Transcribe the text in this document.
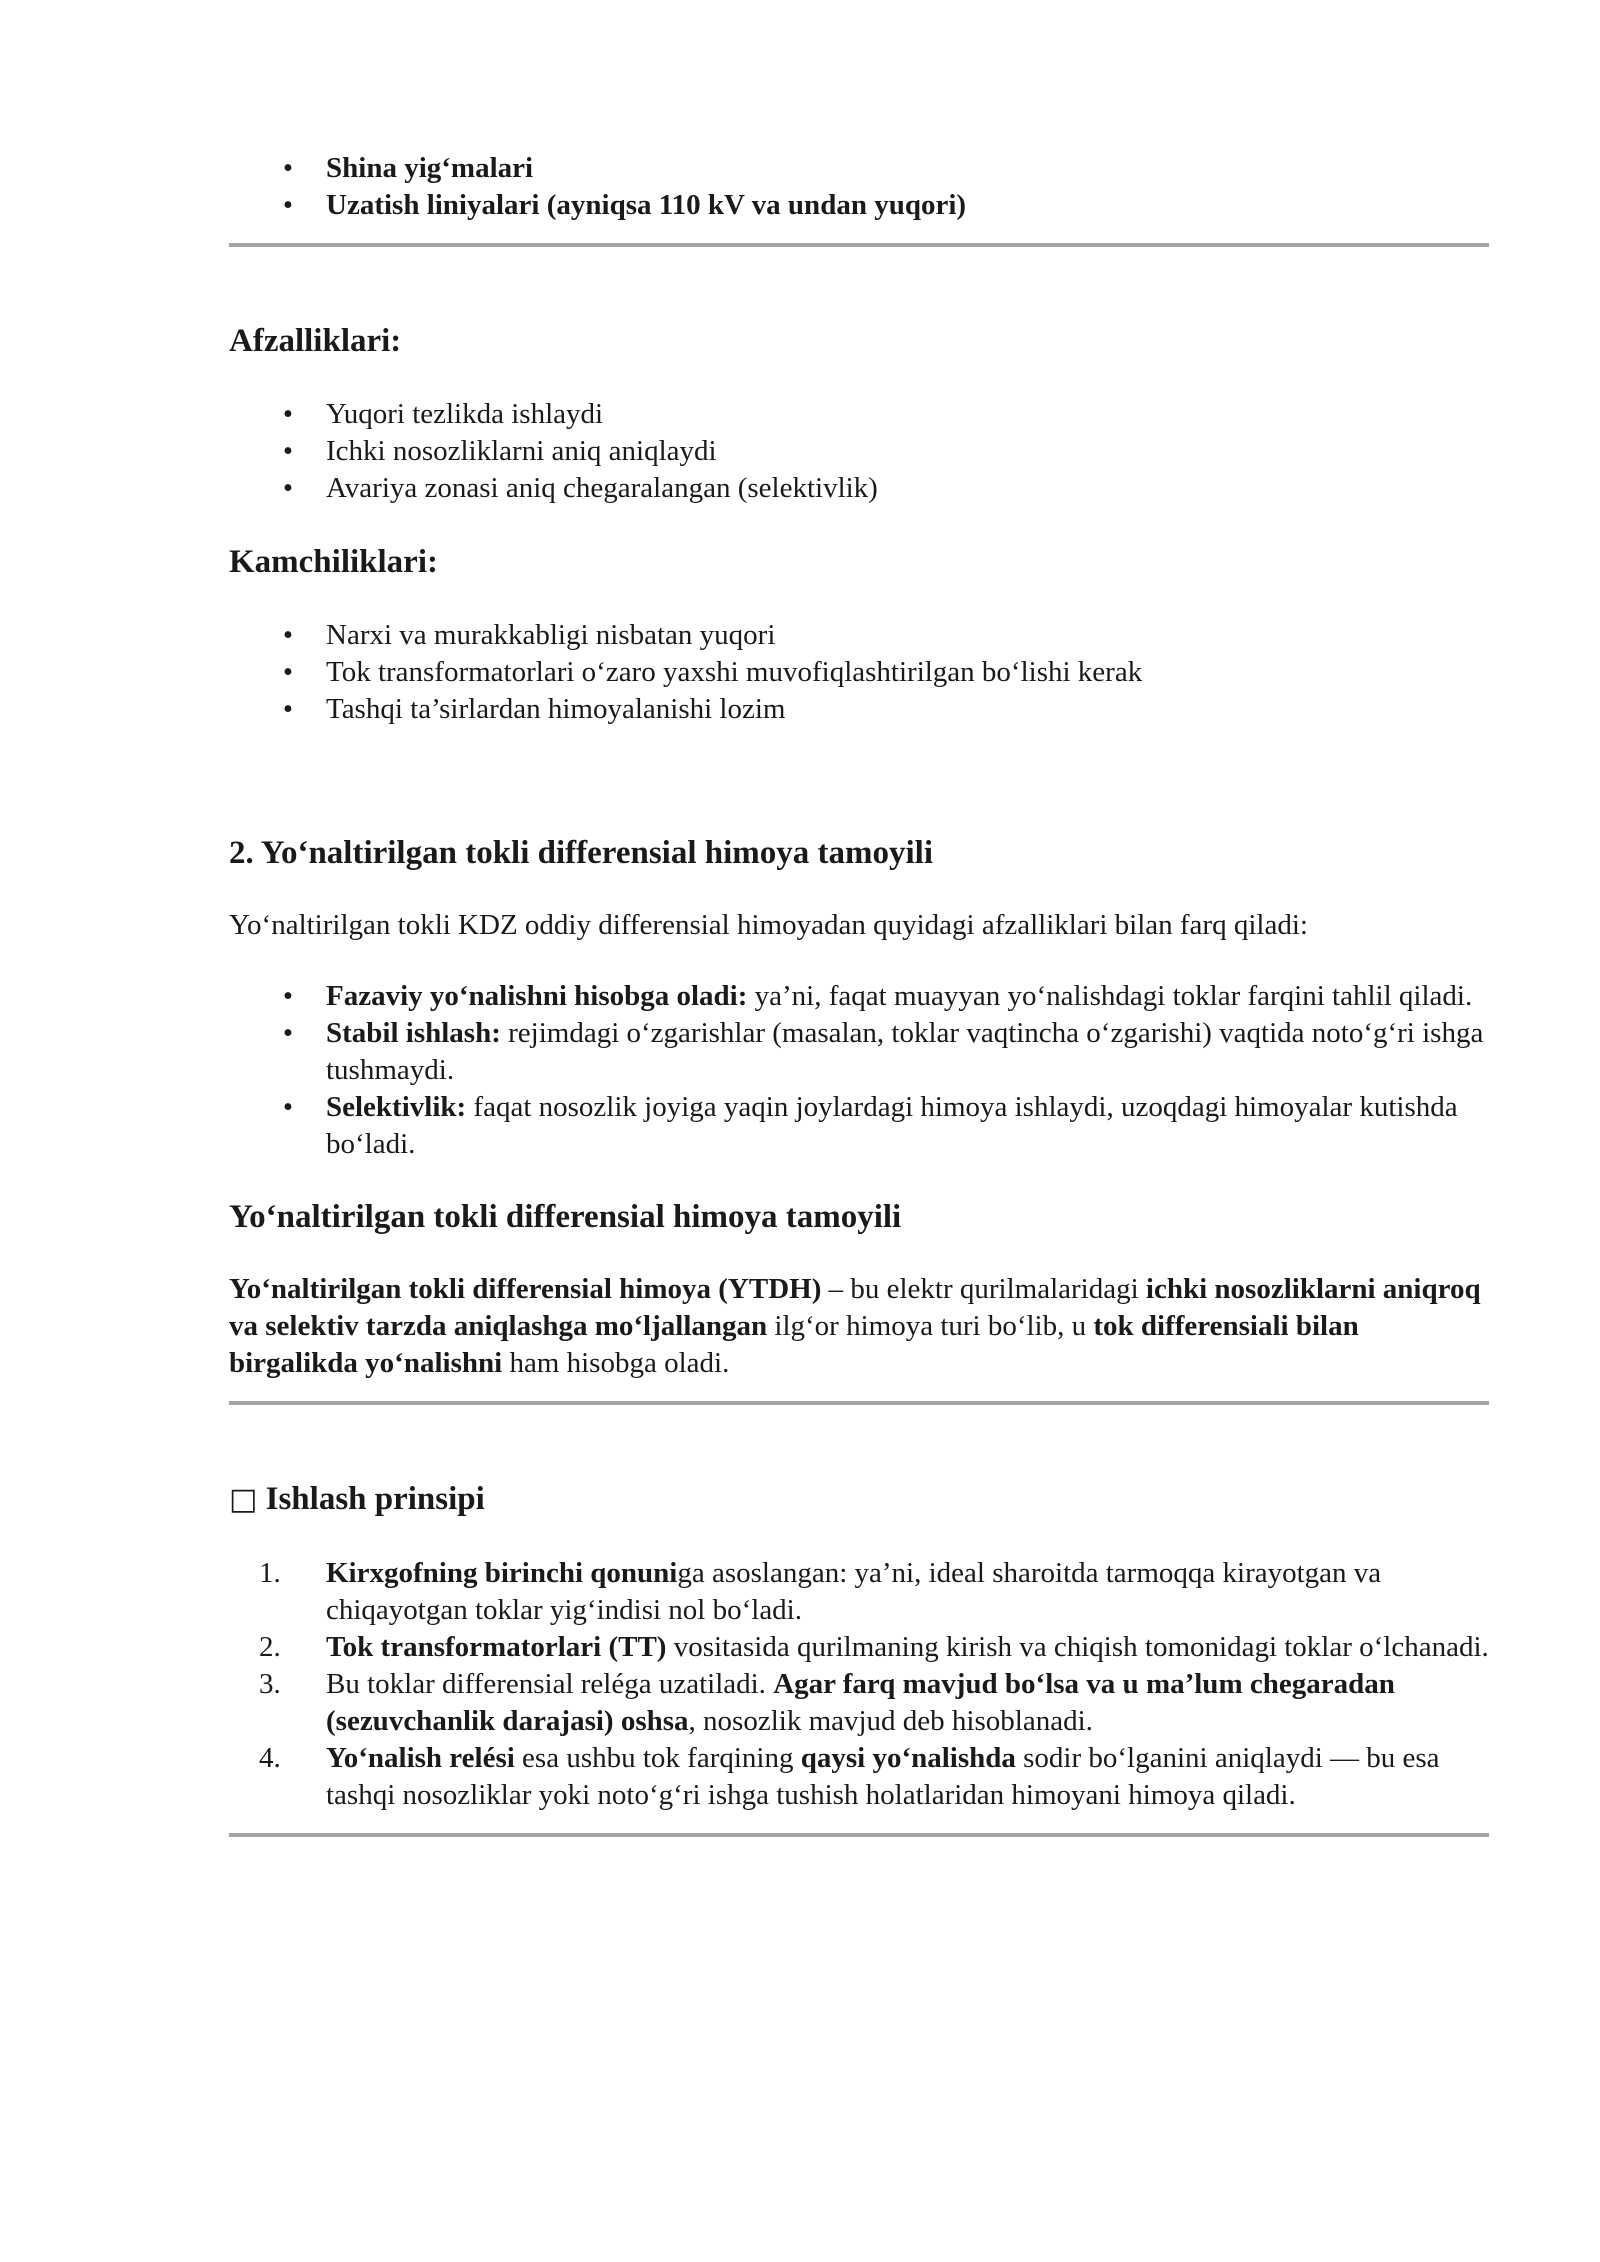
• Shina yig‘malari
• Uzatish liniyalari (ayniqsa 110 kV va undan yuqori)
Afzalliklari:
• Yuqori tezlikda ishlaydi
• Ichki nosozliklarni aniq aniqlaydi
• Avariya zonasi aniq chegaralangan (selektivlik)
Kamchiliklari:
• Narxi va murakkabligi nisbatan yuqori
• Tok transformatorlari o‘zaro yaxshi muvofiqlashtirilgan bo‘lishi kerak
• Tashqi ta’sirlardan himoyalanishi lozim
2. Yo‘naltirilgan tokli differensial himoya tamoyili

Yo‘naltirilgan tokli KDZ oddiy differensial himoyadan quyidagi afzalliklari bilan farq qiladi:

• Fazaviy yo‘nalishni hisobga oladi: ya’ni, faqat muayyan yo‘nalishdagi toklar farqini tahlil qiladi.
• Stabil ishlash: rejimdagi o‘zgarishlar (masalan, toklar vaqtincha o‘zgarishi) vaqtida noto‘g‘ri ishga tushmaydi.
• Selektivlik: faqat nosozlik joyiga yaqin joylardagi himoya ishlaydi, uzoqdagi himoyalar kutishda bo‘ladi.
Yo‘naltirilgan tokli differensial himoya tamoyili

Yo‘naltirilgan tokli differensial himoya (YTDH) – bu elektr qurilmalaridagi ichki nosozliklarni aniqroq va selektiv tarzda aniqlashga mo‘ljallangan ilg‘or himoya turi bo‘lib, u tok differensiali bilan birgalikda yo‘nalishni ham hisobga oladi.

□ Ishlash prinsipi
1.	Kirxgofning birinchi qonuniga asoslangan: ya’ni, ideal sharoitda tarmoqqa kirayotgan va chiqayotgan toklar yig‘indisi nol bo‘ladi.
2.	Tok transformatorlari (TT) vositasida qurilmaning kirish va chiqish tomonidagi toklar o‘lchanadi.
3.	Bu toklar differensial reléga uzatiladi. Agar farq mavjud bo‘lsa va u ma’lum chegaradan (sezuvchanlik darajasi) oshsa, nosozlik mavjud deb hisoblanadi.
4.	Yo‘nalish relési esa ushbu tok farqining qaysi yo‘nalishda sodir bo‘lganini aniqlaydi — bu esa tashqi nosozliklar yoki noto‘g‘ri ishga tushish holatlaridan himoyani himoya qiladi.
